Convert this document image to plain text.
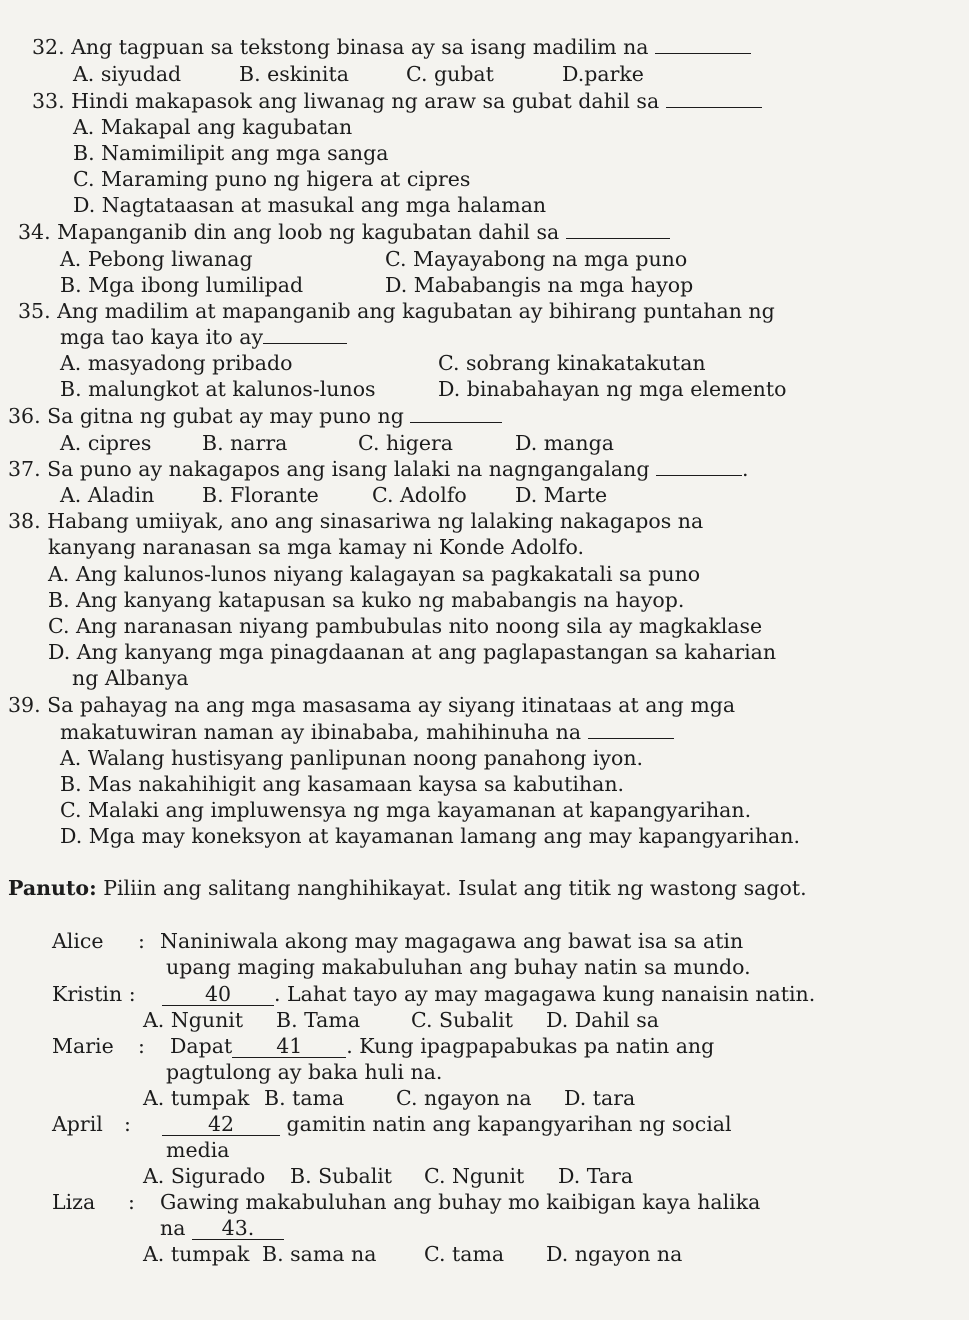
32. Ang tagpuan sa tekstong binasa ay sa isang madilim na
A. siyudad	B. eskinita	C. gubat	D.parke
33. Hindi makapasok ang liwanag ng araw sa gubat dahil sa
A. Makapal ang kagubatan
B. Namimilipit ang mga sanga
C. Maraming puno ng higera at cipres
D. Nagtataasan at masukal ang mga halaman
34. Mapanganib din ang loob ng kagubatan dahil sa
A. Pebong liwanag	C. Mayayabong na mga puno
B. Mga ibong lumilipad	D. Mababangis na mga hayop
35. Ang madilim at mapanganib ang kagubatan ay bihirang puntahan ng
mga tao kaya ito ay
A. masyadong pribado	C. sobrang kinakatakutan
B. malungkot at kalunos-lunos	D. binabahayan ng mga elemento
36. Sa gitna ng gubat ay may puno ng
A. cipres B. narra	C. higera	D. manga
37. Sa puno ay nakagapos ang isang lalaki na nagngangalang	.
A. Aladin B. Florante	C. Adolfo D. Marte
38. Habang umiiyak, ano ang sinasariwa ng lalaking nakagapos na
kanyang naranasan sa mga kamay ni Konde Adolfo.
A. Ang kalunos-lunos niyang kalagayan sa pagkakatali sa puno
B. Ang kanyang katapusan sa kuko ng mababangis na hayop.
C. Ang naranasan niyang pambubulas nito noong sila ay magkaklase
D. Ang kanyang mga pinagdaanan at ang paglapastangan sa kaharian
ng Albanya
39. Sa pahayag na ang mga masasama ay siyang itinataas at ang mga
makatuwiran naman ay ibinababa, mahihinuha na
A. Walang hustisyang panlipunan noong panahong iyon.
B. Mas nakahihigit ang kasamaan kaysa sa kabutihan.
C. Malaki ang impluwensya ng mga kayamanan at kapangyarihan.
D. Mga may koneksyon at kayamanan lamang ang may kapangyarihan.
Panuto: Piliin ang salitang nanghihikayat. Isulat ang titik ng wastong sagot.
Alice : Naniniwala akong may magagawa ang bawat isa sa atin
upang maging makabuluhan ang buhay natin sa mundo.
Kristin :	40 . Lahat tayo ay may magagawa kung nanaisin natin.
A. Ngunit B. Tama C. Subalit D. Dahil sa
Marie : Dapat 41 . Kung ipagpapabukas pa natin ang
pagtulong ay baka huli na.
A. tumpak B. tama	C. ngayon na D. tara
April :	42	gamitin natin ang kapangyarihan ng social
media
A. Sigurado B. Subalit C. Ngunit D. Tara
Liza : Gawing makabuluhan ang buhay mo kaibigan kaya halika
na 43.
A. tumpak B. sama na C. tama D. ngayon na
